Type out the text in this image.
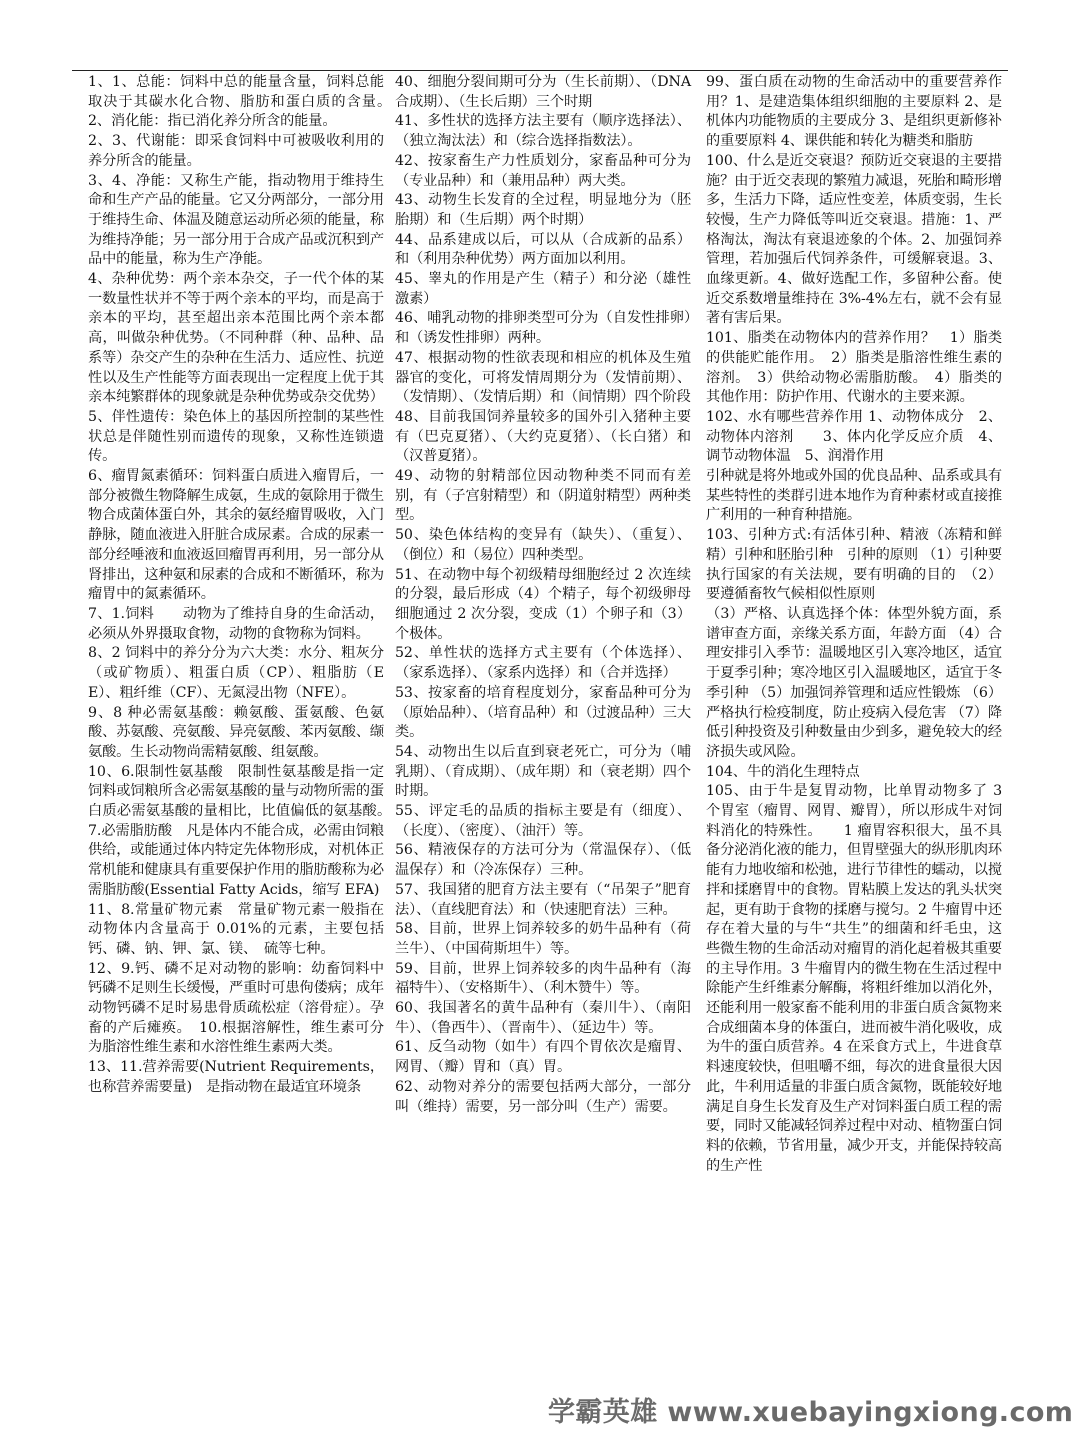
1、1、总能：饲料中总的能量含量，饲料总能取决于其碳水化合物、脂肪和蛋白质的含量。　2、消化能：指已消化养分所含的能量。

2、3、代谢能：即采食饲料中可被吸收利用的养分所含的能量。

3、4、净能：又称生产能，指动物用于维持生命和生产产品的能量。它又分两部分，一部分用于维持生命、体温及随意运动所必须的能量，称为维持净能；另一部分用于合成产品或沉积到产品中的能量，称为生产净能。

4、杂种优势：两个亲本杂交，子一代个体的某一数量性状并不等于两个亲本的平均，而是高于亲本的平均，甚至超出亲本范围比两个亲本都高，叫做杂种优势。（不同种群（种、品种、品系等）杂交产生的杂种在生活力、适应性、抗逆性以及生产性能等方面表现出一定程度上优于其亲本纯繁群体的现象就是杂种优势或杂交优势）

5、伴性遗传：染色体上的基因所控制的某些性状总是伴随性别而遗传的现象，又称性连锁遗传。

6、瘤胃氮素循环：饲料蛋白质进入瘤胃后，一部分被微生物降解生成氨，生成的氨除用于微生物合成菌体蛋白外，其余的氨经瘤胃吸收，入门静脉，随血液进入肝脏合成尿素。合成的尿素一部分经唾液和血液返回瘤胃再利用，另一部分从肾排出，这种氨和尿素的合成和不断循环，称为瘤胃中的氮素循环。

7、1.饲料　　动物为了维持自身的生命活动，必须从外界摄取食物，动物的食物称为饲料。

8、2 饲料中的养分分为六大类：水分、粗灰分（或矿物质）、粗蛋白质（CP）、粗脂肪（EE）、粗纤维（CF）、无氮浸出物（NFE）。

9、8 种必需氨基酸：赖氨酸、蛋氨酸、色氨酸、苏氨酸、亮氨酸、异亮氨酸、苯丙氨酸、缬氨酸。生长动物尚需精氨酸、组氨酸。

10、6.限制性氨基酸　限制性氨基酸是指一定饲料或饲粮所含必需氨基酸的量与动物所需的蛋白质必需氨基酸的量相比，比值偏低的氨基酸。　7.必需脂肪酸　凡是体内不能合成，必需由饲粮供给，或能通过体内特定先体物形成，对机体正常机能和健康具有重要保护作用的脂肪酸称为必需脂肪酸(Essential Fatty Acids，缩写 EFA)

11、8.常量矿物元素　常量矿物元素一般指在动物体内含量高于 0.01%的元素，主要包括钙、磷、钠、钾、氯、镁、　硫等七种。

12、9.钙、磷不足对动物的影响：幼畜饲料中钙磷不足则生长缓慢，严重时可患佝偻病；成年动物钙磷不足时易患骨质疏松症（溶骨症）。孕畜的产后瘫痪。　10.根据溶解性，维生素可分为脂溶性维生素和水溶性维生素两大类。

13、11.营养需要(Nutrient Requirements，也称营养需要量)　是指动物在最适宜环境条

40、细胞分裂间期可分为（生长前期）、（DNA 合成期）、（生长后期）三个时期

41、多性状的选择方法主要有（顺序选择法）、（独立淘汰法）和（综合选择指数法）。

42、按家畜生产力性质划分，家畜品种可分为（专业品种）和（兼用品种）两大类。

43、动物生长发育的全过程，明显地分为（胚胎期）和（生后期）两个时期）

44、品系建成以后，可以从（合成新的品系）和（利用杂种优势）两方面加以利用。

45、睾丸的作用是产生（精子）和分泌（雄性激素）

46、哺乳动物的排卵类型可分为（自发性排卵）和（诱发性排卵）两种。

47、根据动物的性欲表现和相应的机体及生殖器官的变化，可将发情周期分为（发情前期）、（发情期）、（发情后期）和（间情期）四个阶段

48、目前我国饲养量较多的国外引入猪种主要有（巴克夏猪）、（大约克夏猪）、（长白猪）和（汉普夏猪）。

49、动物的射精部位因动物种类不同而有差别，有（子宫射精型）和（阴道射精型）两种类型。

50、染色体结构的变异有（缺失）、（重复）、（倒位）和（易位）四种类型。

51、在动物中每个初级精母细胞经过 2 次连续的分裂，最后形成（4）个精子，每个初级卵母细胞通过 2 次分裂，变成（1）个卵子和（3）个极体。

52、单性状的选择方式主要有（个体选择）、（家系选择）、（家系内选择）和（合并选择）

53、按家畜的培育程度划分，家畜品种可分为（原始品种）、（培育品种）和（过渡品种）三大类。

54、动物出生以后直到衰老死亡，可分为（哺乳期）、（育成期）、（成年期）和（衰老期）四个时期。

55、评定毛的品质的指标主要是有（细度）、（长度）、（密度）、（油汗）等。

56、精液保存的方法可分为（常温保存）、（低温保存）和（冷冻保存）三种。

57、我国猪的肥育方法主要有（“吊架子”肥育法）、（直线肥育法）和（快速肥育法）三种。

58、目前，世界上饲养较多的奶牛品种有（荷兰牛）、（中国荷斯坦牛）等。

59、目前，世界上饲养较多的肉牛品种有（海福特牛）、（安格斯牛）、（利木赞牛）等。

60、我国著名的黄牛品种有（秦川牛）、（南阳牛）、（鲁西牛）、（晋南牛）、（延边牛）等。

61、反刍动物（如牛）有四个胃依次是瘤胃、网胃、（瓣）胃和（真）胃。

62、动物对养分的需要包括两大部分，一部分叫（维持）需要，另一部分叫（生产）需要。

99、蛋白质在动物的生命活动中的重要营养作用？1、是建造集体组织细胞的主要原料 2、是机体内功能物质的主要成分 3、是组织更新修补的重要原料 4、课供能和转化为糖类和脂肪

100、什么是近交衰退？预防近交衰退的主要措施？由于近交表现的繁殖力减退，死胎和畸形增多，生活力下降，适应性变差，体质变弱，生长较慢，生产力降低等叫近交衰退。措施：1、严格淘汰，淘汰有衰退迹象的个体。2、加强饲养管理，若加强后代饲养条件，可缓解衰退。3、血缘更新。4、做好选配工作，多留种公畜。使近交系数增量维持在 3%-4%左右，就不会有显著有害后果。

101、脂类在动物体内的营养作用？　1）脂类的供能贮能作用。　2）脂类是脂溶性维生素的溶剂。　3）供给动物必需脂肪酸。　4）脂类的其他作用：防护作用、代谢水的主要来源。

102、水有哪些营养作用 1、动物体成分　2、动物体内溶剂　　3、体内化学反应介质　4、调节动物体温　5、润滑作用

引种就是将外地或外国的优良品种、品系或具有某些特性的类群引进本地作为育种素材或直接推广利用的一种育种措施。

103、引种方式:有活体引种、精液（冻精和鲜精）引种和胚胎引种　引种的原则 （1）引种要执行国家的有关法规，要有明确的目的　（2）要遵循畜牧气候相似性原则

（3）严格、认真选择个体：体型外貌方面，系谱审查方面，亲缘关系方面，年龄方面 （4）合理安排引入季节：温暖地区引入寒冷地区，适宜于夏季引种；寒冷地区引入温暖地区，适宜于冬季引种 （5）加强饲养管理和适应性锻炼 （6）严格执行检疫制度，防止疫病入侵危害 （7）降低引种投资及引种数量由少到多，避免较大的经济损失或风险。

104、牛的消化生理特点

105、由于牛是复胃动物，比单胃动物多了 3 个胃室（瘤胃、网胃、瓣胃），所以形成牛对饲料消化的特殊性。　　1 瘤胃容积很大，虽不具备分泌消化液的能力，但胃壁强大的纵形肌肉环能有力地收缩和松弛，进行节律性的蠕动，以搅拌和揉磨胃中的食物。胃粘膜上发达的乳头状突起，更有助于食物的揉磨与搅匀。2 牛瘤胃中还存在着大量的与牛“共生”的细菌和纤毛虫，这些微生物的生命活动对瘤胃的消化起着极其重要的主导作用。3 牛瘤胃内的微生物在生活过程中除能产生纤维素分解酶，将粗纤维加以消化外，还能利用一般家畜不能利用的非蛋白质含氮物来合成细菌本身的体蛋白，进而被牛消化吸收，成为牛的蛋白质营养。4 在采食方式上，牛进食草料速度较快，但咀嚼不细，每次的进食量很大因此，牛利用适量的非蛋白质含氮物，既能较好地满足自身生长发育及生产对饲料蛋白质工程的需要，同时又能减轻饲养过程中对动、植物蛋白饲料的依赖，节省用量，减少开支，并能保持较高的生产性

学霸英雄 www.xuebayingxiong.com
